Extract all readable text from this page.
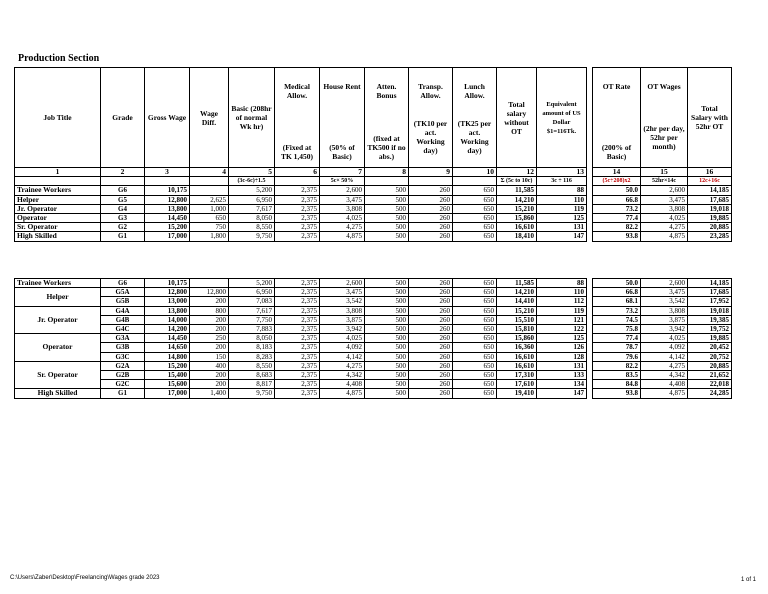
Production Section
Job Title	Grade	Gross Wage	Wage Diff.	Basic (208hr of normal Wk hr)	Medical Allow.	House Rent	Atten. Bonus	Transp. Allow.	Lunch Allow.	Total salary without OT	Equivalent amount of US Dollar $1=116Tk.		OT Rate	OT Wages	Total Salary with 52hr OT
					(Fixed at TK 1,450)	(50% of Basic)	(fixed at TK500 if no abs.)	(TK10 per act. Working day)	(TK25 per act. Working day)				(200% of Basic)	(2hr per day, 52hr per month)	
1	2	3	4	5	6	7	8	9	10	12	13		14	15	16
				(3c-6c)÷1.5		5c× 50%				Σ (5c to 10c)	3c ÷ 116		(5c÷208)x2	52hr×14c	12c+16c
Trainee Workers	G6	10,175		5,200	2,375	2,600	500	260	650	11,585	88		50.0	2,600	14,185
Helper	G5	12,800	2,625	6,950	2,375	3,475	500	260	650	14,210	110		66.8	3,475	17,685
Jr. Operator	G4	13,800	1,000	7,617	2,375	3,808	500	260	650	15,210	119		73.2	3,808	19,018
Operator	G3	14,450	650	8,050	2,375	4,025	500	260	650	15,860	125		77.4	4,025	19,885
Sr. Operator	G2	15,200	750	8,550	2,375	4,275	500	260	650	16,610	131		82.2	4,275	20,885
High Skilled	G1	17,000	1,800	9,750	2,375	4,875	500	260	650	18,410	147		93.8	4,875	23,285
Trainee Workers	G6	10,175		5,200	2,375	2,600	500	260	650	11,585	88		50.0	2,600	14,185
Helper	G5A	12,800	12,800	6,950	2,375	3,475	500	260	650	14,210	110		66.8	3,475	17,685
	G5B	13,000	200	7,083	2,375	3,542	500	260	650	14,410	112		68.1	3,542	17,952
Jr. Operator	G4A	13,800	800	7,617	2,375	3,808	500	260	650	15,210	119		73.2	3,808	19,018
	G4B	14,000	200	7,750	2,375	3,875	500	260	650	15,510	121		74.5	3,875	19,385
	G4C	14,200	200	7,883	2,375	3,942	500	260	650	15,810	122		75.8	3,942	19,752
Operator	G3A	14,450	250	8,050	2,375	4,025	500	260	650	15,860	125		77.4	4,025	19,885
	G3B	14,650	200	8,183	2,375	4,092	500	260	650	16,360	126		78.7	4,092	20,452
	G3C	14,800	150	8,283	2,375	4,142	500	260	650	16,610	128		79.6	4,142	20,752
Sr. Operator	G2A	15,200	400	8,550	2,375	4,275	500	260	650	16,610	131		82.2	4,275	20,885
	G2B	15,400	200	8,683	2,375	4,342	500	260	650	17,310	133		83.5	4,342	21,652
	G2C	15,600	200	8,817	2,375	4,408	500	260	650	17,610	134		84.8	4,408	22,018
High Skilled	G1	17,000	1,400	9,750	2,375	4,875	500	260	650	19,410	147		93.8	4,875	24,285
C:\Users\Zaber\Desktop\Freelancing\Wages grade 2023	1 of 1
